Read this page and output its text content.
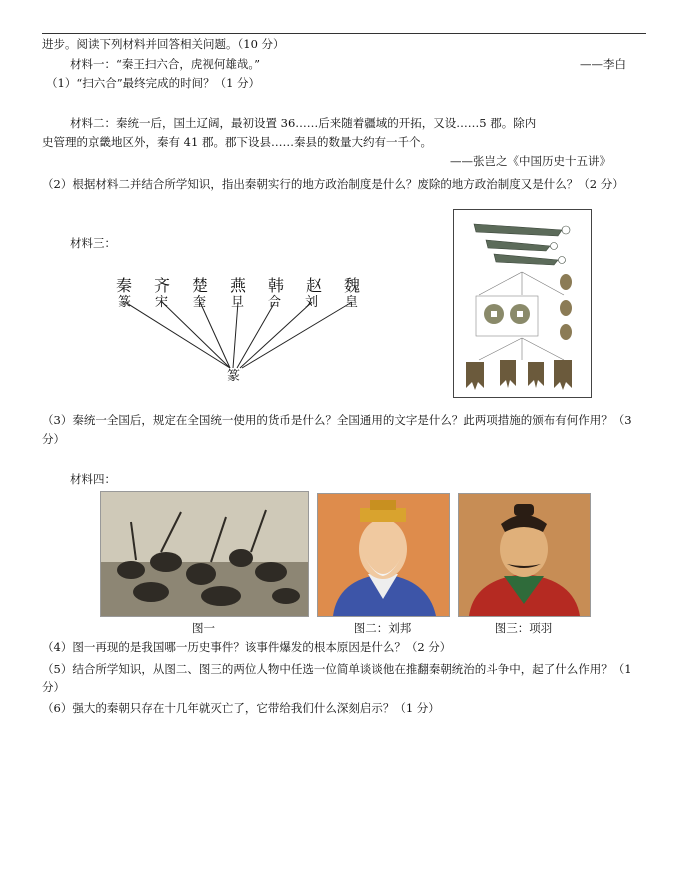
进步。阅读下列材料并回答相关问题。（10 分）
材料一：“秦王扫六合，虎视何雄哉。”	——李白
（1）“扫六合”最终完成的时间？（1 分）
材料二：秦统一后，国土辽阔，最初设置 36……后来随着疆域的开拓，又设……5 郡。除内
史管理的京畿地区外，秦有 41 郡。郡下设县……秦县的数量大约有一千个。
——张岂之《中国历史十五讲》
（2）根据材料二并结合所学知识，指出秦朝实行的地方政治制度是什么？废除的地方政治制度又是什么？（2 分）
材料三：
秦 齐 楚 燕 韩 赵 魏
篆 宋 奎 旦 合 刘 皇
篆
（3）秦统一全国后，规定在全国统一使用的货币是什么？全国通用的文字是什么？此两项措施的颁布有何作用？（3 分）
材料四：
图一	图二：刘邦	图三：项羽
（4）图一再现的是我国哪一历史事件？该事件爆发的根本原因是什么？（2 分）
（5）结合所学知识，从图二、图三的两位人物中任选一位简单谈谈他在推翻秦朝统治的斗争中，起了什么作用？（1 分）
（6）强大的秦朝只存在十几年就灭亡了，它带给我们什么深刻启示？（1 分）
